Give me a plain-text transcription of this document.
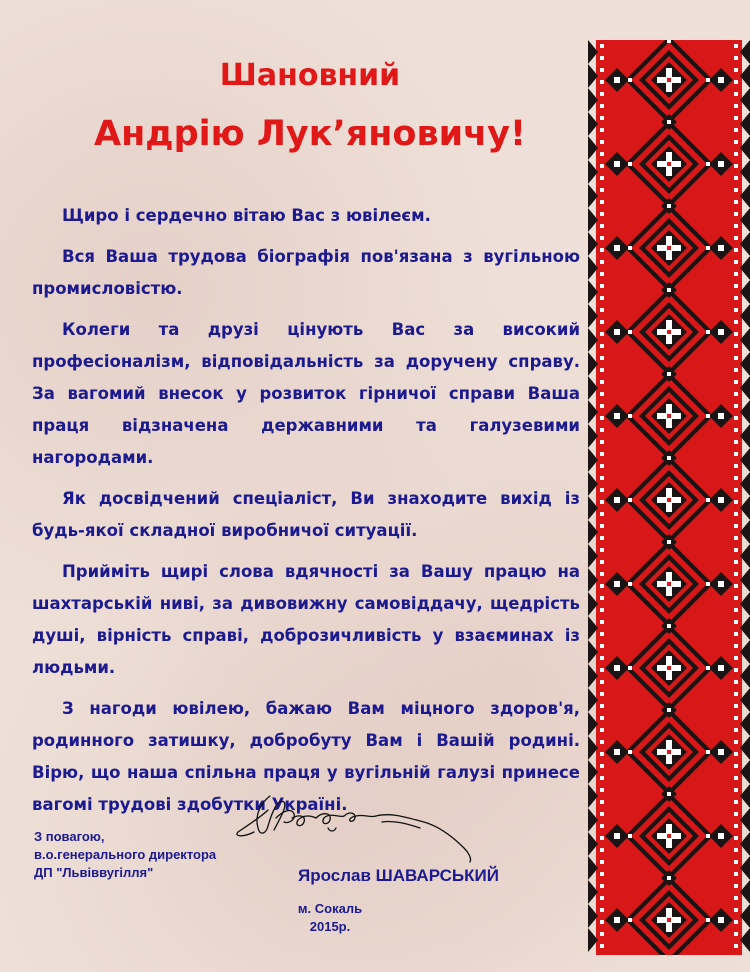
Шановний
Андрію Лук’яновичу!

Щиро і сердечно вітаю Вас з ювілеєм.

Вся Ваша трудова біографія пов'язана з вугільною промисловістю.

Колеги та друзі цінують Вас за високий професіоналізм, відповідальність за доручену справу. За вагомий внесок у розвиток гірничої справи Ваша праця відзначена державними та галузевими нагородами.

Як досвідчений спеціаліст, Ви знаходите вихід із будь-якої складної виробничої ситуації.

Прийміть щирі слова вдячності за Вашу працю на шахтарській ниві, за дивовижну самовіддачу, щедрість душі, вірність справі, доброзичливість у взаєминах із людьми.

З нагоди ювілею, бажаю Вам міцного здоров'я, родинного затишку, добробуту Вам і Вашій родині. Вірю, що наша спільна праця у вугільній галузі принесе вагомі трудові здобутки Україні.

З повагою,
в.о.генерального директора
ДП "Львіввугілля"	Ярослав ШАВАРСЬКИЙ
м. Сокаль
2015р.
